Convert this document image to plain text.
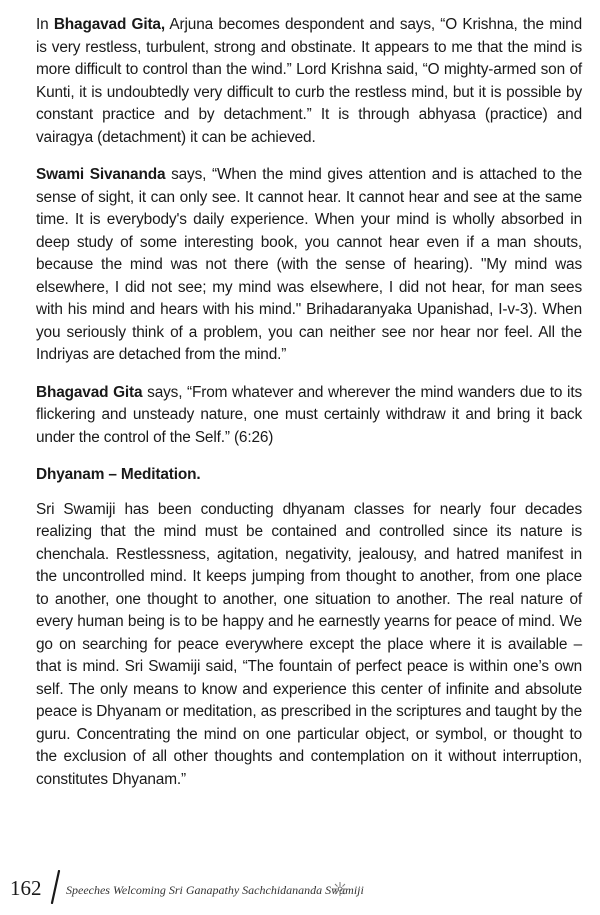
In Bhagavad Gita, Arjuna becomes despondent and says, “O Krishna, the mind is very restless, turbulent, strong and obstinate. It appears to me that the mind is more difficult to control than the wind.” Lord Krishna said, “O mighty-armed son of Kunti, it is undoubtedly very difficult to curb the restless mind, but it is possible by constant practice and by detachment.” It is through abhyasa (practice) and vairagya (detachment) it can be achieved.

Swami Sivananda says, “When the mind gives attention and is attached to the sense of sight, it can only see. It cannot hear. It cannot hear and see at the same time. It is everybody's daily experience. When your mind is wholly absorbed in deep study of some interesting book, you cannot hear even if a man shouts, because the mind was not there (with the sense of hearing). "My mind was elsewhere, I did not see; my mind was elsewhere, I did not hear, for man sees with his mind and hears with his mind." Brihadaranyaka Upanishad, I-v-3). When you seriously think of a problem, you can neither see nor hear nor feel. All the Indriyas are detached from the mind.”

Bhagavad Gita says, “From whatever and wherever the mind wanders due to its flickering and unsteady nature, one must certainly withdraw it and bring it back under the control of the Self.” (6:26)

Dhyanam – Meditation.

Sri Swamiji has been conducting dhyanam classes for nearly four decades realizing that the mind must be contained and controlled since its nature is chenchala. Restlessness, agitation, negativity, jealousy, and hatred manifest in the uncontrolled mind. It keeps jumping from thought to another, from one place to another, one thought to another, one situation to another. The real nature of every human being is to be happy and he earnestly yearns for peace of mind. We go on searching for peace everywhere except the place where it is available – that is mind. Sri Swamiji said, “The fountain of perfect peace is within one’s own self. The only means to know and experience this center of infinite and absolute peace is Dhyanam or meditation, as prescribed in the scriptures and taught by the guru. Concentrating the mind on one particular object, or symbol, or thought to the exclusion of all other thoughts and contemplation on it without interruption, constitutes Dhyanam.”

162 Speeches Welcoming Sri Ganapathy Sachchidananda Swamiji
